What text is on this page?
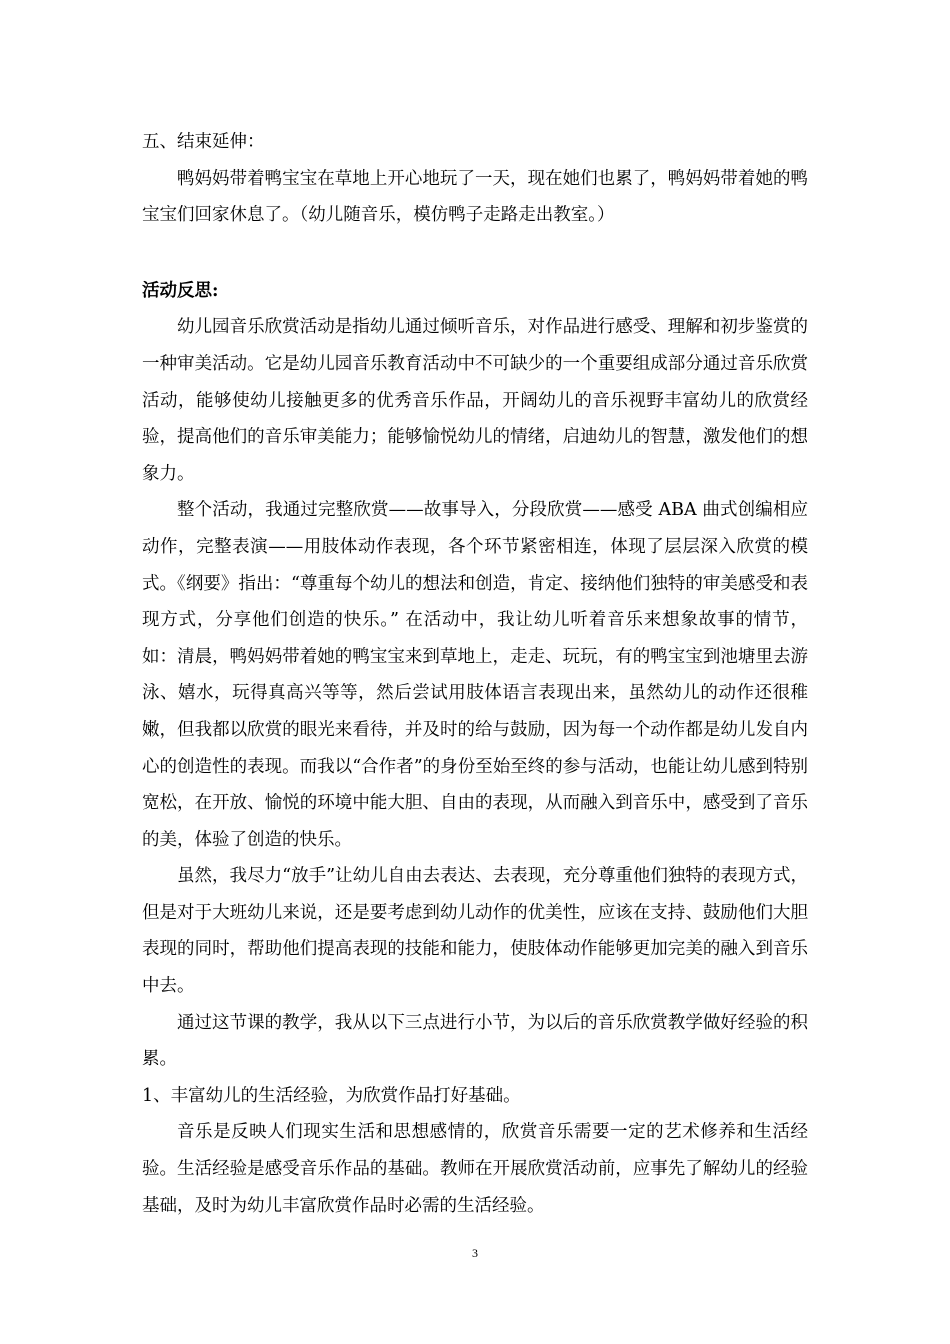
五、结束延伸：

鸭妈妈带着鸭宝宝在草地上开心地玩了一天，现在她们也累了，鸭妈妈带着她的鸭宝宝们回家休息了。（幼儿随音乐，模仿鸭子走路走出教室。）

活动反思:

幼儿园音乐欣赏活动是指幼儿通过倾听音乐，对作品进行感受、理解和初步鉴赏的一种审美活动。它是幼儿园音乐教育活动中不可缺少的一个重要组成部分通过音乐欣赏活动，能够使幼儿接触更多的优秀音乐作品，开阔幼儿的音乐视野丰富幼儿的欣赏经验，提高他们的音乐审美能力；能够愉悦幼儿的情绪，启迪幼儿的智慧，激发他们的想象力。

整个活动，我通过完整欣赏——故事导入，分段欣赏——感受 ABA 曲式创编相应动作，完整表演——用肢体动作表现，各个环节紧密相连，体现了层层深入欣赏的模式。《纲要》指出：“尊重每个幼儿的想法和创造，肯定、接纳他们独特的审美感受和表现方式，分享他们创造的快乐。” 在活动中，我让幼儿听着音乐来想象故事的情节，如：清晨，鸭妈妈带着她的鸭宝宝来到草地上，走走、玩玩，有的鸭宝宝到池塘里去游泳、嬉水，玩得真高兴等等，然后尝试用肢体语言表现出来，虽然幼儿的动作还很稚嫩，但我都以欣赏的眼光来看待，并及时的给与鼓励，因为每一个动作都是幼儿发自内心的创造性的表现。而我以“合作者”的身份至始至终的参与活动，也能让幼儿感到特别宽松，在开放、愉悦的环境中能大胆、自由的表现，从而融入到音乐中，感受到了音乐的美，体验了创造的快乐。

虽然，我尽力“放手”让幼儿自由去表达、去表现，充分尊重他们独特的表现方式，但是对于大班幼儿来说，还是要考虑到幼儿动作的优美性，应该在支持、鼓励他们大胆表现的同时，帮助他们提高表现的技能和能力，使肢体动作能够更加完美的融入到音乐中去。

通过这节课的教学，我从以下三点进行小节，为以后的音乐欣赏教学做好经验的积累。

1、丰富幼儿的生活经验，为欣赏作品打好基础。

音乐是反映人们现实生活和思想感情的，欣赏音乐需要一定的艺术修养和生活经验。生活经验是感受音乐作品的基础。教师在开展欣赏活动前，应事先了解幼儿的经验基础，及时为幼儿丰富欣赏作品时必需的生活经验。

3
